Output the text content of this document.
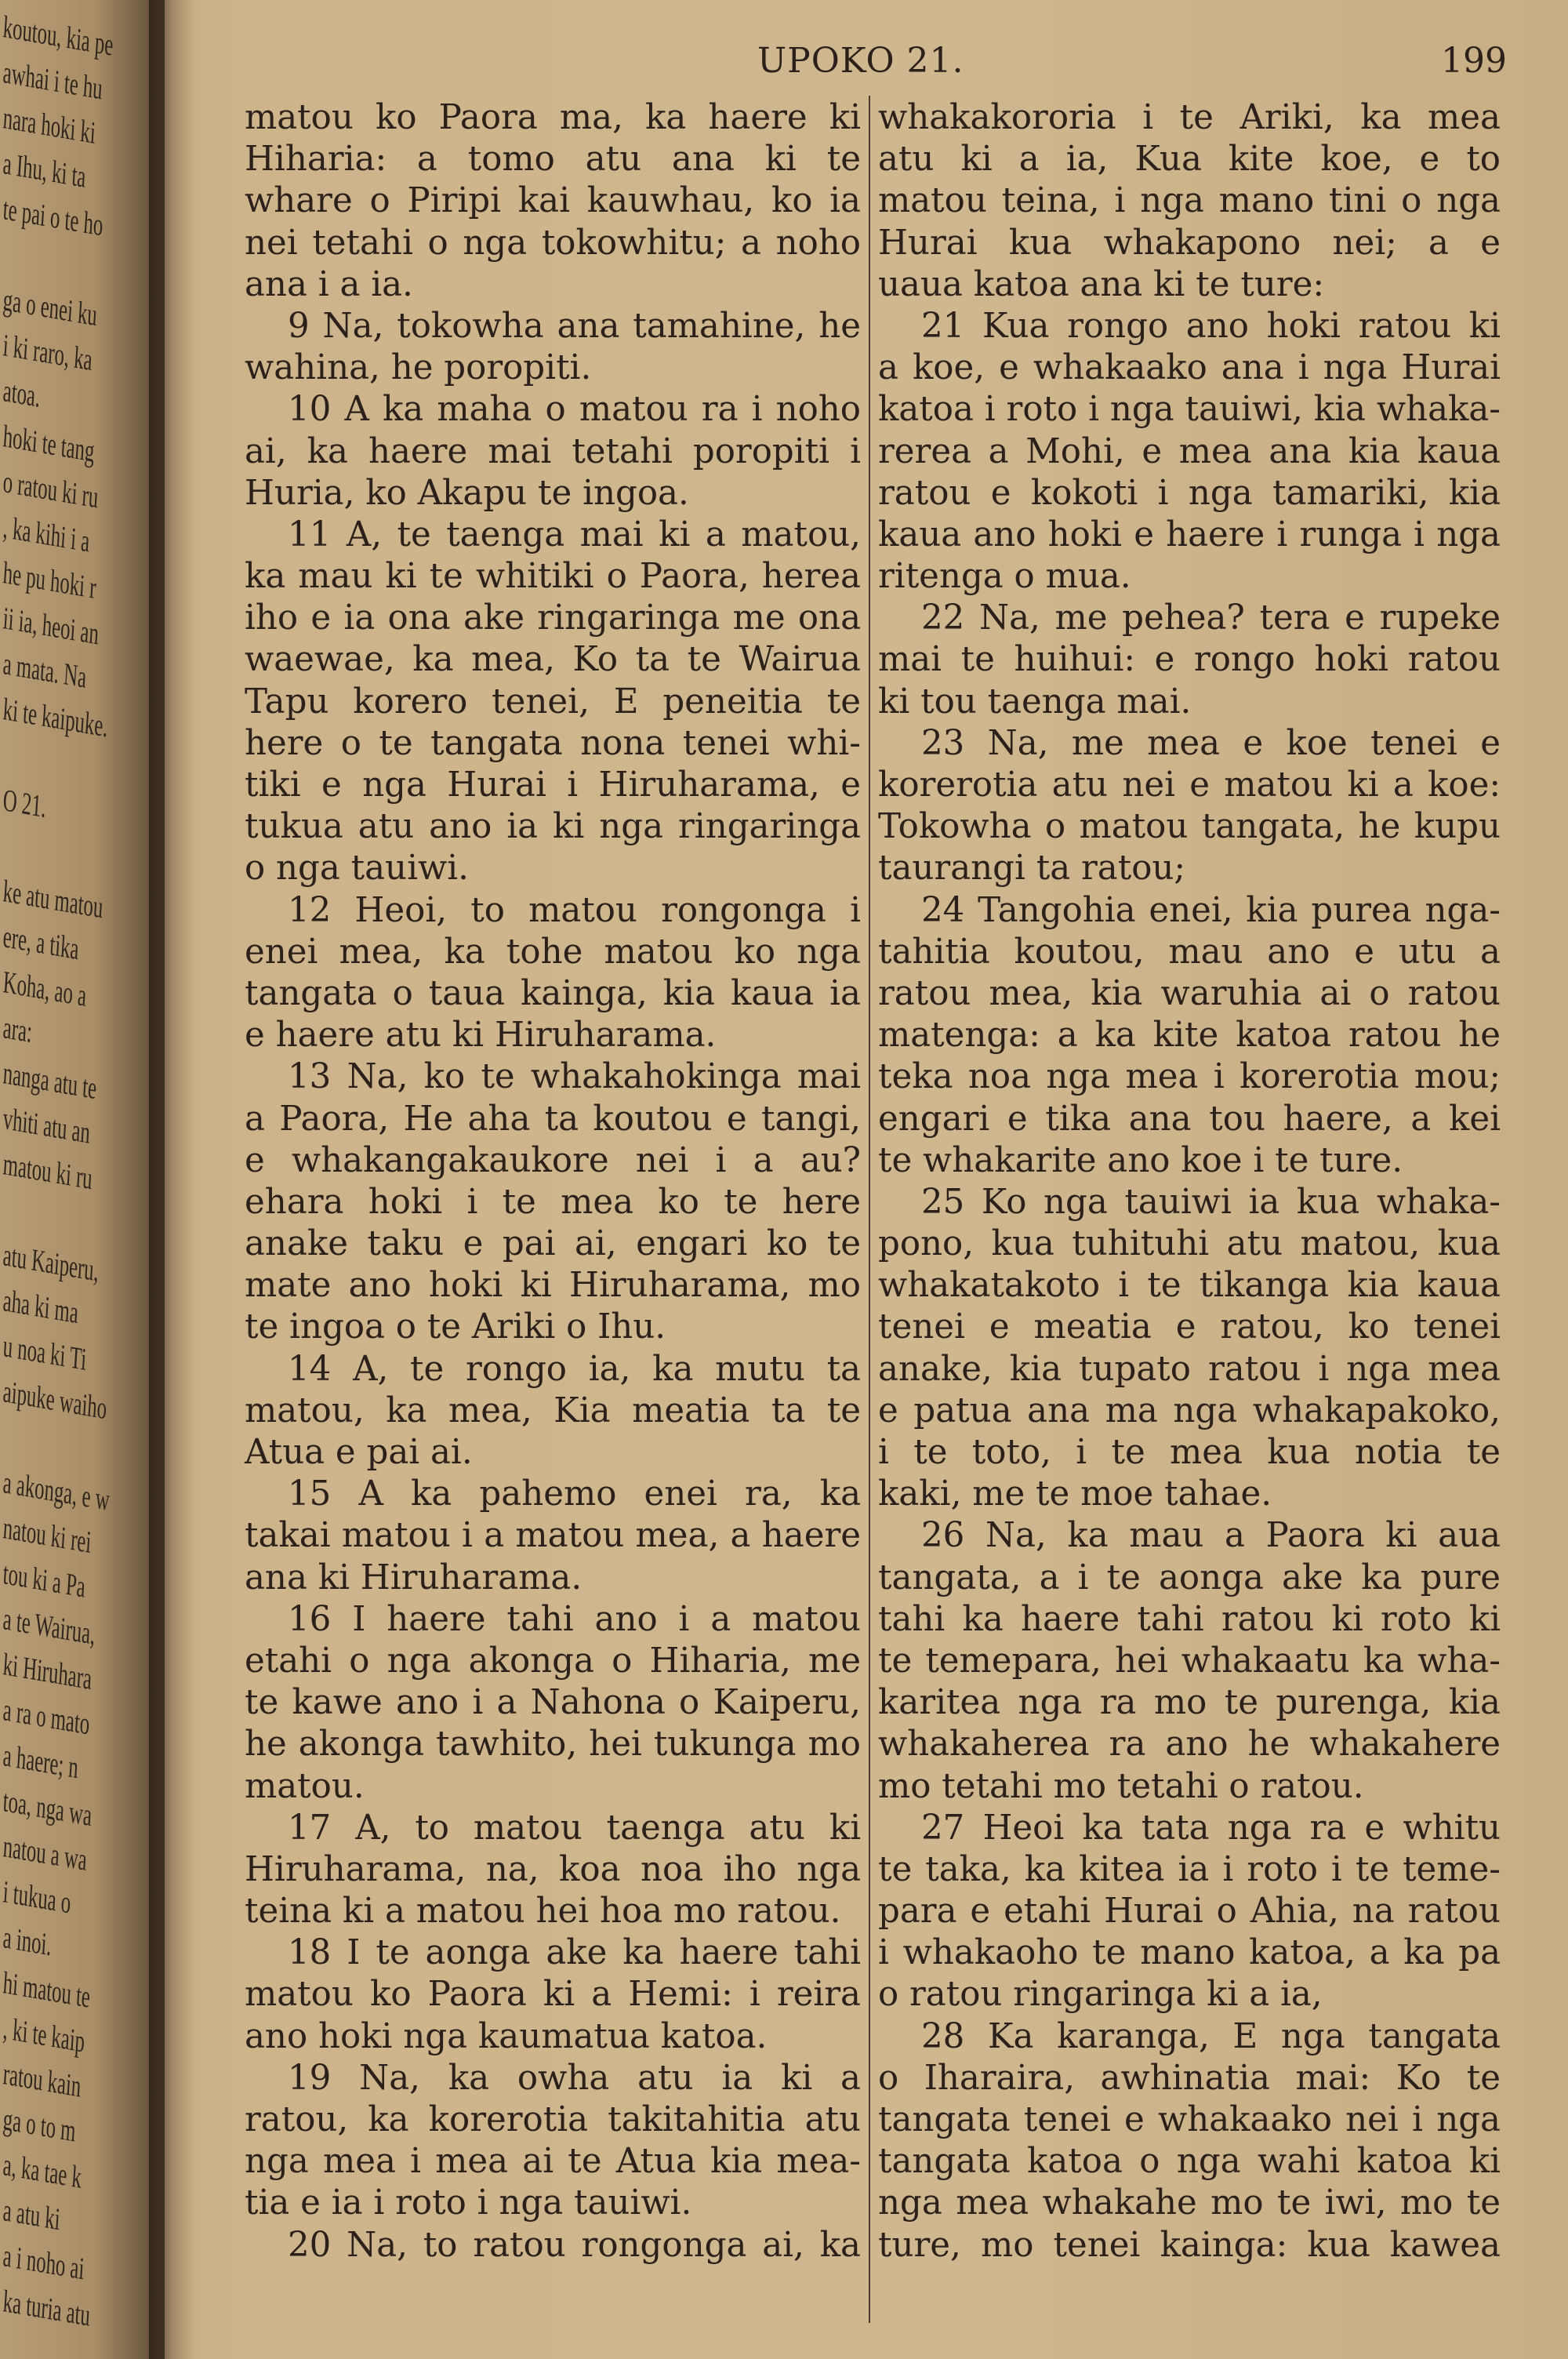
koutou, kia pe
awhai i te hu
nara hoki ki
a Ihu, ki ta
te pai o te ho
ga o enei ku
i ki raro, ka
atoa.
hoki te tang
o ratou ki ru
, ka kihi i a
he pu hoki r
ii ia, heoi an
a mata. Na
ki te kaipuke.
O 21.
ke atu matou
ere, a tika
Koha, ao a
ara:
nanga atu te
vhiti atu an
matou ki ru
atu Kaiperu,
aha ki ma
u noa ki Ti
aipuke waiho
a akonga, e w
natou ki rei
tou ki a Pa
a te Wairua,
ki Hiruhara
a ra o mato
a haere; n
toa, nga wa
natou a wa
i tukua o
a inoi.
hi matou te
, ki te kaip
ratou kain
ga o to m
a, ka tae k
a atu ki
a i noho ai
ka turia atu
UPOKO 21.	199
matou ko Paora ma, ka haere ki
Hiharia: a tomo atu ana ki te
whare o Piripi kai kauwhau, ko ia
nei tetahi o nga tokowhitu; a noho
ana i a ia.
9 Na, tokowha ana tamahine, he
wahina, he poropiti.
10 A ka maha o matou ra i noho
ai, ka haere mai tetahi poropiti i
Huria, ko Akapu te ingoa.
11 A, te taenga mai ki a matou,
ka mau ki te whitiki o Paora, herea
iho e ia ona ake ringaringa me ona
waewae, ka mea, Ko ta te Wairua
Tapu korero tenei, E peneitia te
here o te tangata nona tenei whi-
tiki e nga Hurai i Hiruharama, e
tukua atu ano ia ki nga ringaringa
o nga tauiwi.
12 Heoi, to matou rongonga i
enei mea, ka tohe matou ko nga
tangata o taua kainga, kia kaua ia
e haere atu ki Hiruharama.
13 Na, ko te whakahokinga mai
a Paora, He aha ta koutou e tangi,
e whakangakaukore nei i a au?
ehara hoki i te mea ko te here
anake taku e pai ai, engari ko te
mate ano hoki ki Hiruharama, mo
te ingoa o te Ariki o Ihu.
14 A, te rongo ia, ka mutu ta
matou, ka mea, Kia meatia ta te
Atua e pai ai.
15 A ka pahemo enei ra, ka
takai matou i a matou mea, a haere
ana ki Hiruharama.
16 I haere tahi ano i a matou
etahi o nga akonga o Hiharia, me
te kawe ano i a Nahona o Kaiperu,
he akonga tawhito, hei tukunga mo
matou.
17 A, to matou taenga atu ki
Hiruharama, na, koa noa iho nga
teina ki a matou hei hoa mo ratou.
18 I te aonga ake ka haere tahi
matou ko Paora ki a Hemi: i reira
ano hoki nga kaumatua katoa.
19 Na, ka owha atu ia ki a
ratou, ka korerotia takitahitia atu
nga mea i mea ai te Atua kia mea-
tia e ia i roto i nga tauiwi.
20 Na, to ratou rongonga ai, ka
whakakororia i te Ariki, ka mea
atu ki a ia, Kua kite koe, e to
matou teina, i nga mano tini o nga
Hurai kua whakapono nei; a e
uaua katoa ana ki te ture:
21 Kua rongo ano hoki ratou ki
a koe, e whakaako ana i nga Hurai
katoa i roto i nga tauiwi, kia whaka-
rerea a Mohi, e mea ana kia kaua
ratou e kokoti i nga tamariki, kia
kaua ano hoki e haere i runga i nga
ritenga o mua.
22 Na, me pehea? tera e rupeke
mai te huihui: e rongo hoki ratou
ki tou taenga mai.
23 Na, me mea e koe tenei e
korerotia atu nei e matou ki a koe:
Tokowha o matou tangata, he kupu
taurangi ta ratou;
24 Tangohia enei, kia purea nga-
tahitia koutou, mau ano e utu a
ratou mea, kia waruhia ai o ratou
matenga: a ka kite katoa ratou he
teka noa nga mea i korerotia mou;
engari e tika ana tou haere, a kei
te whakarite ano koe i te ture.
25 Ko nga tauiwi ia kua whaka-
pono, kua tuhituhi atu matou, kua
whakatakoto i te tikanga kia kaua
tenei e meatia e ratou, ko tenei
anake, kia tupato ratou i nga mea
e patua ana ma nga whakapakoko,
i te toto, i te mea kua notia te
kaki, me te moe tahae.
26 Na, ka mau a Paora ki aua
tangata, a i te aonga ake ka pure
tahi ka haere tahi ratou ki roto ki
te temepara, hei whakaatu ka wha-
karitea nga ra mo te purenga, kia
whakaherea ra ano he whakahere
mo tetahi mo tetahi o ratou.
27 Heoi ka tata nga ra e whitu
te taka, ka kitea ia i roto i te teme-
para e etahi Hurai o Ahia, na ratou
i whakaoho te mano katoa, a ka pa
o ratou ringaringa ki a ia,
28 Ka karanga, E nga tangata
o Iharaira, awhinatia mai: Ko te
tangata tenei e whakaako nei i nga
tangata katoa o nga wahi katoa ki
nga mea whakahe mo te iwi, mo te
ture, mo tenei kainga: kua kawea
